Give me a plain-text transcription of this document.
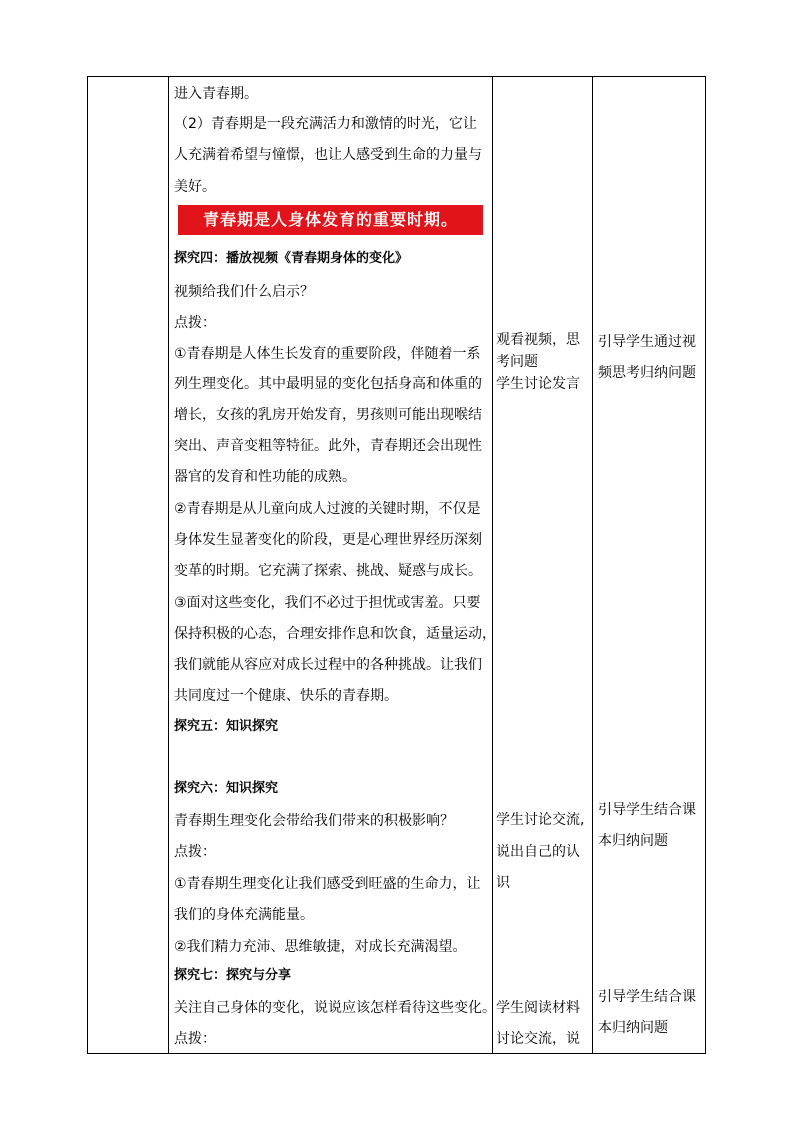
进入青春期。
（2）青春期是一段充满活力和激情的时光，它让
人充满着希望与憧憬，也让人感受到生命的力量与
美好。
青春期是人身体发育的重要时期。
探究四：播放视频《青春期身体的变化》
视频给我们什么启示？
点拨：
①青春期是人体生长发育的重要阶段，伴随着一系
列生理变化。其中最明显的变化包括身高和体重的
增长，女孩的乳房开始发育，男孩则可能出现喉结
突出、声音变粗等特征。此外，青春期还会出现性
器官的发育和性功能的成熟。
②青春期是从儿童向成人过渡的关键时期，不仅是
身体发生显著变化的阶段，更是心理世界经历深刻
变革的时期。它充满了探索、挑战、疑惑与成长。
③面对这些变化，我们不必过于担忧或害羞。只要
保持积极的心态，合理安排作息和饮食，适量运动，
我们就能从容应对成长过程中的各种挑战。让我们
共同度过一个健康、快乐的青春期。
探究五：知识探究
探究六：知识探究
青春期生理变化会带给我们带来的积极影响？
点拨：
①青春期生理变化让我们感受到旺盛的生命力，让
我们的身体充满能量。
②我们精力充沛、思维敏捷，对成长充满渴望。
探究七：探究与分享
关注自己身体的变化，说说应该怎样看待这些变化。
点拨：
观看视频，思
考问题
学生讨论发言
学生讨论交流,
说出自己的认
识
学生阅读材料
讨论交流，说
引导学生通过视
频思考归纳问题
引导学生结合课
本归纳问题
引导学生结合课
本归纳问题
